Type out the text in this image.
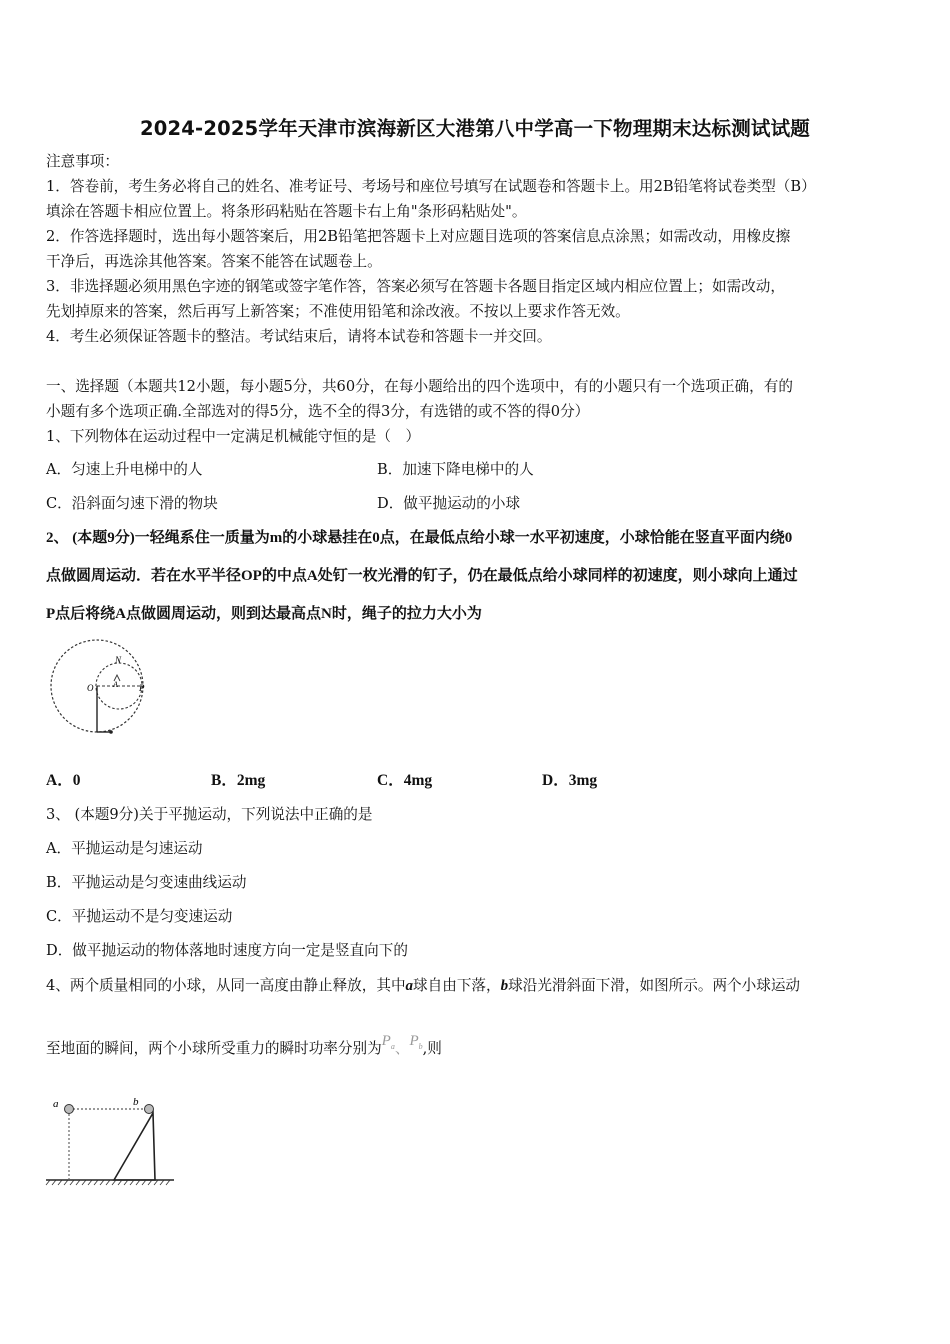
2024-2025学年天津市滨海新区大港第八中学高一下物理期末达标测试试题
注意事项：
1．答卷前，考生务必将自己的姓名、准考证号、考场号和座位号填写在试题卷和答题卡上。用2B铅笔将试卷类型（B）
填涂在答题卡相应位置上。将条形码粘贴在答题卡右上角"条形码粘贴处"。
2．作答选择题时，选出每小题答案后，用2B铅笔把答题卡上对应题目选项的答案信息点涂黑；如需改动，用橡皮擦
干净后，再选涂其他答案。答案不能答在试题卷上。
3．非选择题必须用黑色字迹的钢笔或签字笔作答，答案必须写在答题卡各题目指定区域内相应位置上；如需改动，
先划掉原来的答案，然后再写上新答案；不准使用铅笔和涂改液。不按以上要求作答无效。
4．考生必须保证答题卡的整洁。考试结束后，请将本试卷和答题卡一并交回。
一、选择题（本题共12小题，每小题5分，共60分，在每小题给出的四个选项中，有的小题只有一个选项正确，有的
小题有多个选项正确.全部选对的得5分，选不全的得3分，有选错的或不答的得0分）
1、下列物体在运动过程中一定满足机械能守恒的是（　）
A．匀速上升电梯中的人	B．加速下降电梯中的人
C．沿斜面匀速下滑的物块	D．做平抛运动的小球
2、 (本题9分)一轻绳系住一质量为m的小球悬挂在0点，在最低点给小球一水平初速度，小球恰能在竖直平面内绕0
点做圆周运动．若在水平半径OP的中点A处钉一枚光滑的钉子，仍在最低点给小球同样的初速度，则小球向上通过
P点后将绕A点做圆周运动，则到达最高点N时，绳子的拉力大小为
O A P
N
A．0	B．2mg	C．4mg	D．3mg
3、 (本题9分)关于平抛运动，下列说法中正确的是
A．平抛运动是匀速运动
B．平抛运动是匀变速曲线运动
C．平抛运动不是匀变速运动
D．做平抛运动的物体落地时速度方向一定是竖直向下的
4、两个质量相同的小球，从同一高度由静止释放，其中a球自由下落，b球沿光滑斜面下滑，如图所示。两个小球运动
至地面的瞬间，两个小球所受重力的瞬时功率分别为$P_a$、$P_b$,则
a	b
